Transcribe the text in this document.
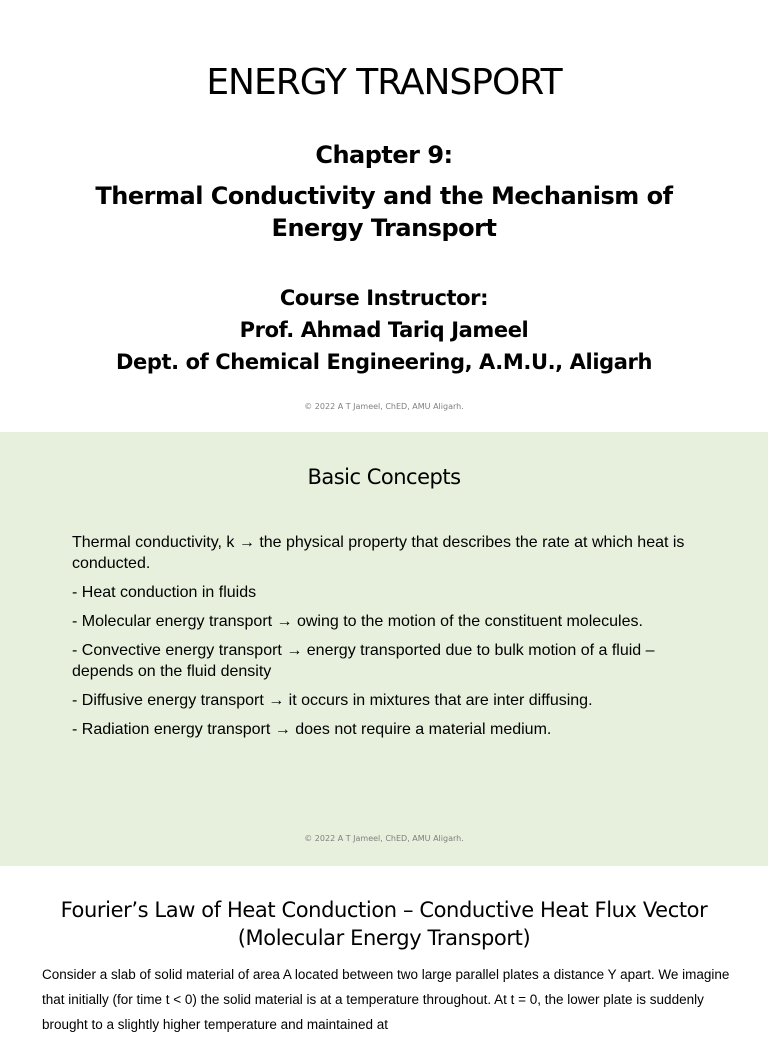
ENERGY TRANSPORT
Chapter 9:
Thermal Conductivity and the Mechanism of Energy Transport
Course Instructor:
Prof. Ahmad Tariq Jameel
Dept. of Chemical Engineering, A.M.U., Aligarh
© 2022 A T Jameel, ChED, AMU Aligarh.
Basic Concepts

Thermal conductivity, k → the physical property that describes the rate at which heat is conducted.

- Heat conduction in fluids

- Molecular energy transport → owing to the motion of the constituent molecules.

- Convective energy transport → energy transported due to bulk motion of a fluid – depends on the fluid density

- Diffusive energy transport → it occurs in mixtures that are inter diffusing.

- Radiation energy transport → does not require a material medium.

© 2022 A T Jameel, ChED, AMU Aligarh.
Fourier’s Law of Heat Conduction – Conductive Heat Flux Vector (Molecular Energy Transport)

Consider a slab of solid material of area A located between two large parallel plates a distance Y apart. We imagine that initially (for time t < 0) the solid material is at a temperature throughout. At t = 0, the lower plate is suddenly brought to a slightly higher temperature and maintained at
